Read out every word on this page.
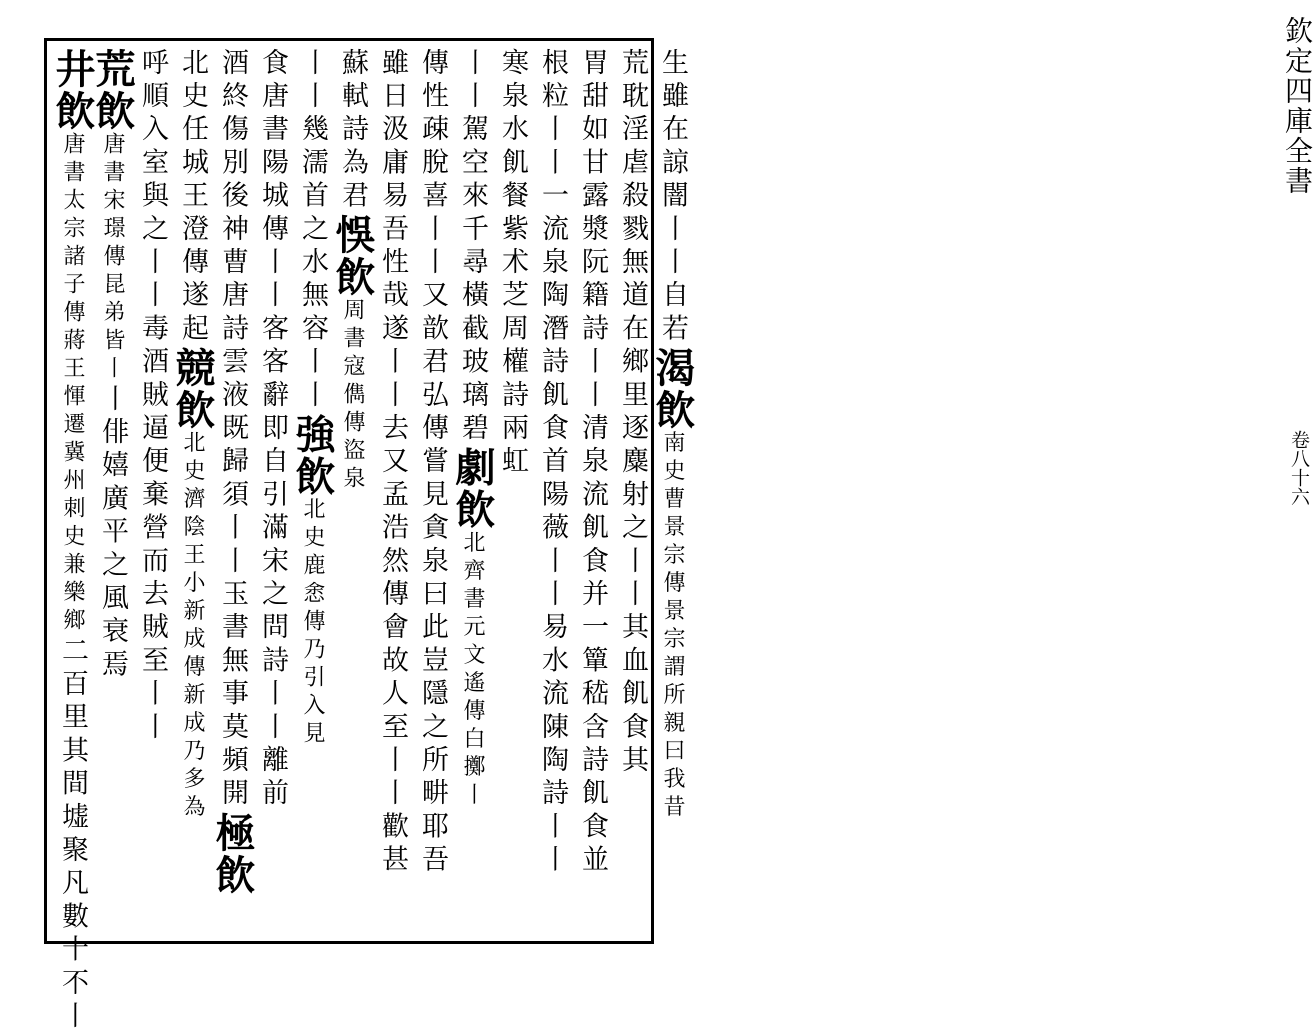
欽定四庫全書
卷八十六
生雖在諒闇丨丨自若渴飲南史曹景宗傳景宗謂所親曰我昔
荒耽淫虐殺戮無道在鄉里逐麋射之丨丨其血飢食其
胃甜如甘露漿阮籍詩丨丨清泉流飢食并一簞嵇含詩飢食並
根粒丨丨一流泉陶潛詩飢食首陽薇丨丨易水流陳陶詩丨丨
寒泉水飢餐紫术芝周權詩兩虹
丨丨駕空來千尋橫截玻璃碧劇飲北齊書元文遙傳白擲丨
傳性疎脫喜丨丨又歆君弘傳嘗見貪泉曰此豈隱之所畊耶吾
雖日汲庸易吾性哉遂丨丨去又孟浩然傳會故人至丨丨歡甚
蘇軾詩為君悞飲周書寇儁傳盜泉
丨丨幾濡首之水無容丨丨強飲北史鹿悆傳乃引入見
食唐書陽城傳丨丨客客辭即自引滿宋之問詩丨丨離前
酒終傷別後神曹唐詩雲液既歸須丨丨玉書無事莫頻開極飲
北史任城王澄傳遂起競飲北史濟陰王小新成傳新成乃多為
呼順入室與之丨丨毒酒賊逼便棄營而去賊至丨丨
荒飲唐書宋璟傳昆弟皆丨丨俳嬉廣平之風衰焉
井飲唐書太宗諸子傳蔣王惲遷冀州刺史兼樂鄉二百里其間墟聚凡數十不丨
